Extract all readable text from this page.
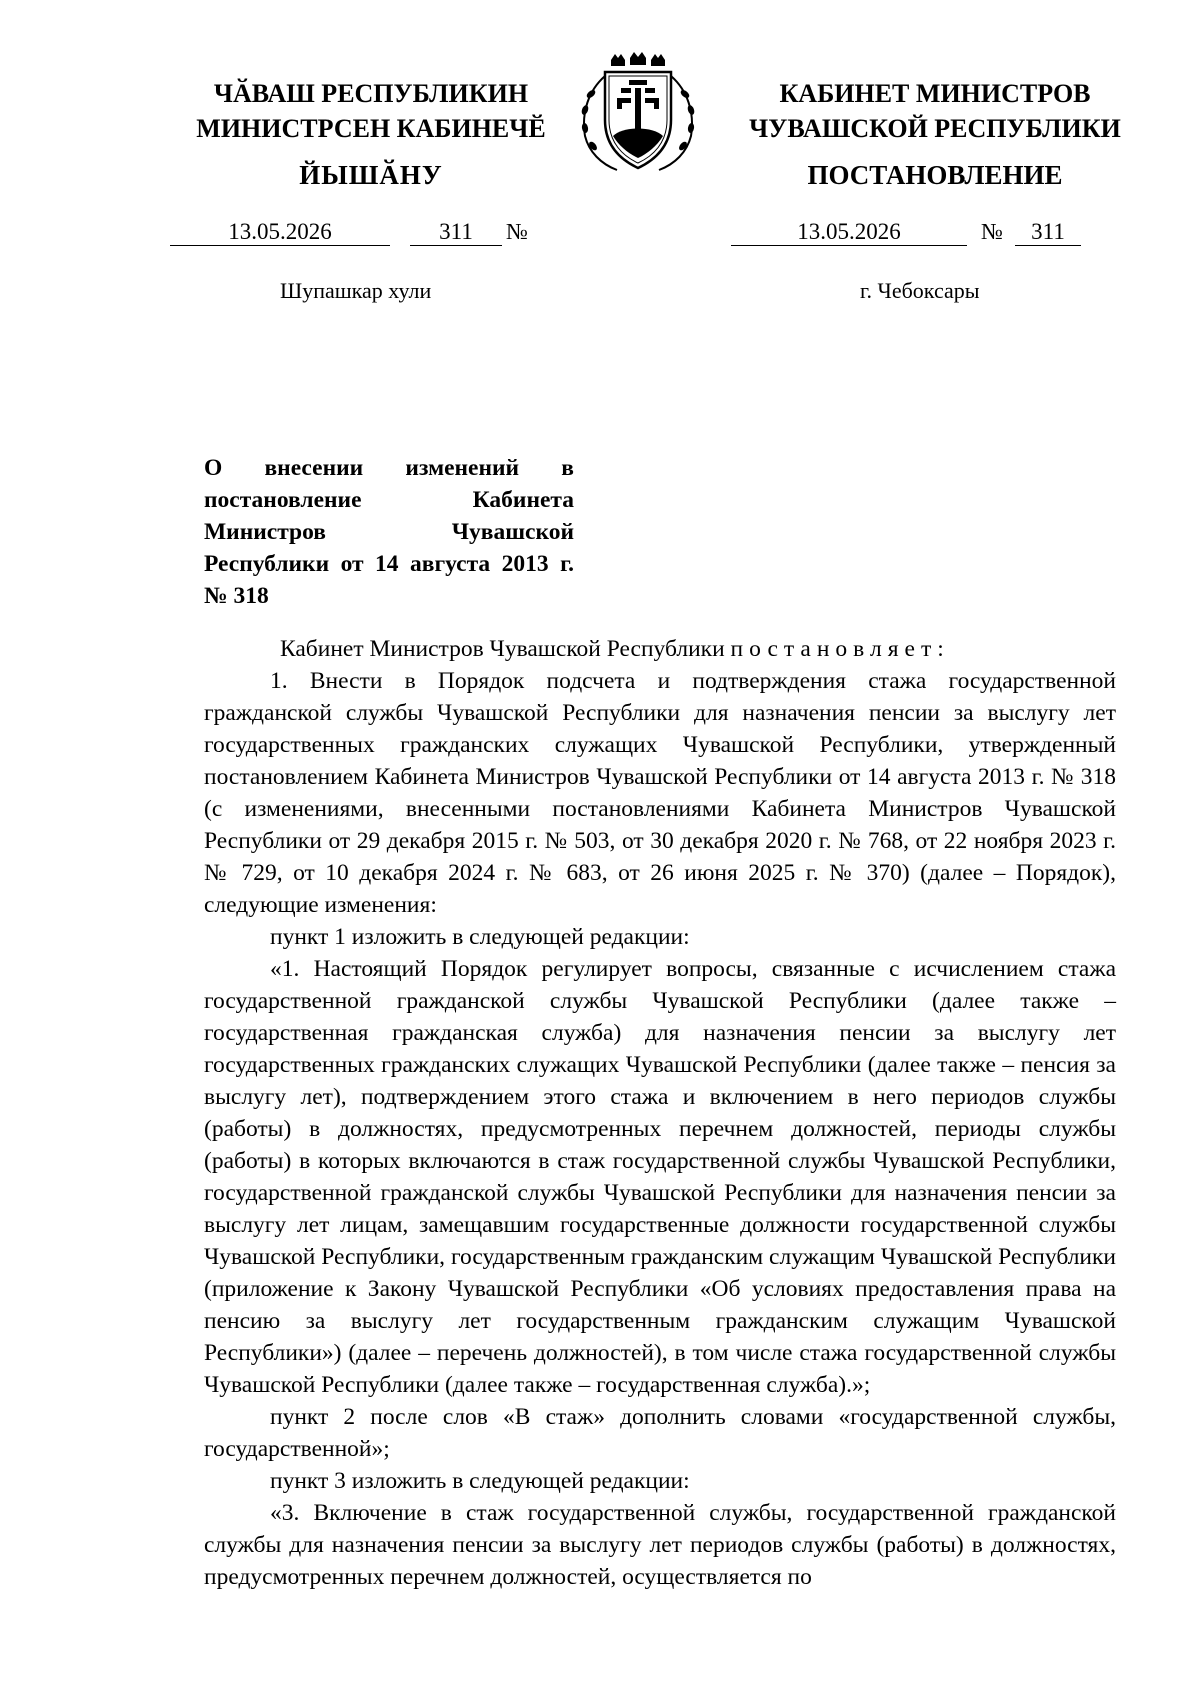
ЧӐВАШ РЕСПУБЛИКИН
МИНИСТРСЕН КАБИНЕЧӖ
ЙЫШӐНУ
КАБИНЕТ МИНИСТРОВ
ЧУВАШСКОЙ РЕСПУБЛИКИ
ПОСТАНОВЛЕНИЕ
13.05.2026	311	№	13.05.2026	№	311
Шупашкар хули	г. Чебоксары
О внесении изменений в постановление Кабинета Министров Чувашской Республики от 14 августа 2013 г. № 318

Кабинет Министров Чувашской Республики постановляет:

1. Внести в Порядок подсчета и подтверждения стажа государственной гражданской службы Чувашской Республики для назначения пенсии за выслугу лет государственных гражданских служащих Чувашской Республики, утвержденный постановлением Кабинета Министров Чувашской Республики от 14 августа 2013 г. № 318 (с изменениями, внесенными постановлениями Кабинета Министров Чувашской Республики от 29 декабря 2015 г. № 503, от 30 декабря 2020 г. № 768, от 22 ноября 2023 г. № 729, от 10 декабря 2024 г. № 683, от 26 июня 2025 г. № 370) (далее – Порядок), следующие изменения:

пункт 1 изложить в следующей редакции:

«1. Настоящий Порядок регулирует вопросы, связанные с исчислением стажа государственной гражданской службы Чувашской Республики (далее также – государственная гражданская служба) для назначения пенсии за выслугу лет государственных гражданских служащих Чувашской Республики (далее также – пенсия за выслугу лет), подтверждением этого стажа и включением в него периодов службы (работы) в должностях, предусмотренных перечнем должностей, периоды службы (работы) в которых включаются в стаж государственной службы Чувашской Республики, государственной гражданской службы Чувашской Республики для назначения пенсии за выслугу лет лицам, замещавшим государственные должности государственной службы Чувашской Республики, государственным гражданским служащим Чувашской Республики (приложение к Закону Чувашской Республики «Об условиях предоставления права на пенсию за выслугу лет государственным гражданским служащим Чувашской Республики») (далее – перечень должностей), в том числе стажа государственной службы Чувашской Республики (далее также – государственная служба).»;

пункт 2 после слов «В стаж» дополнить словами «государственной службы, государственной»;

пункт 3 изложить в следующей редакции:

«3. Включение в стаж государственной службы, государственной гражданской службы для назначения пенсии за выслугу лет периодов службы (работы) в должностях, предусмотренных перечнем должностей, осуществляется по
